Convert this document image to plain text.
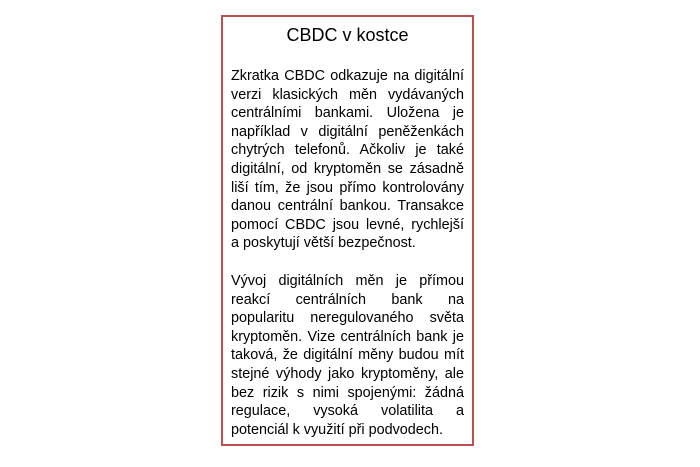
CBDC v kostce

Zkratka CBDC odkazuje na digitální verzi klasických měn vydávaných centrálními bankami. Uložena je například v digitální peněženkách chytrých telefonů. Ačkoliv je také digitální, od kryptoměn se zásadně liší tím, že jsou přímo kontrolovány danou centrální bankou. Transakce pomocí CBDC jsou levné, rychlejší a poskytují větší bezpečnost.

Vývoj digitálních měn je přímou reakcí centrálních bank na popularitu neregulovaného světa kryptoměn. Vize centrálních bank je taková, že digitální měny budou mít stejné výhody jako kryptoměny, ale bez rizik s nimi spojenými: žádná regulace, vysoká volatilita a potenciál k využití při podvodech.
